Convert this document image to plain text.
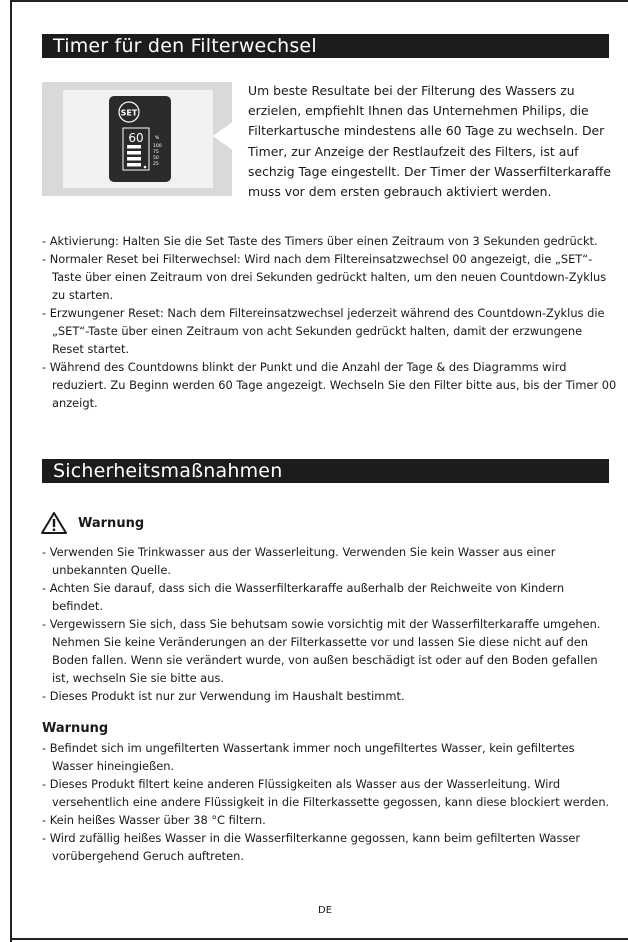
Timer für den Filterwechsel
SET
60	%
100
75
50
25

Um beste Resultate bei der Filterung des Wassers zu erzielen, empfiehlt Ihnen das Unternehmen Philips, die Filterkartusche mindestens alle 60 Tage zu wechseln. Der Timer, zur Anzeige der Restlaufzeit des Filters, ist auf sechzig Tage eingestellt. Der Timer der Wasserfilterkaraffe muss vor dem ersten gebrauch aktiviert werden.

- Aktivierung: Halten Sie die Set Taste des Timers über einen Zeitraum von 3 Sekunden gedrückt.
- Normaler Reset bei Filterwechsel: Wird nach dem Filtereinsatzwechsel 00 angezeigt, die „SET“-Taste über einen Zeitraum von drei Sekunden gedrückt halten, um den neuen Countdown-Zyklus zu starten.
- Erzwungener Reset: Nach dem Filtereinsatzwechsel jederzeit während des Countdown-Zyklus die „SET“-Taste über einen Zeitraum von acht Sekunden gedrückt halten, damit der erzwungene Reset startet.
- Während des Countdowns blinkt der Punkt und die Anzahl der Tage & des Diagramms wird reduziert. Zu Beginn werden 60 Tage angezeigt. Wechseln Sie den Filter bitte aus, bis der Timer 00 anzeigt.
Sicherheitsmaßnahmen
Warnung
- Verwenden Sie Trinkwasser aus der Wasserleitung. Verwenden Sie kein Wasser aus einer unbekannten Quelle.
- Achten Sie darauf, dass sich die Wasserfilterkaraffe außerhalb der Reichweite von Kindern befindet.
- Vergewissern Sie sich, dass Sie behutsam sowie vorsichtig mit der Wasserfilterkaraffe umgehen. Nehmen Sie keine Veränderungen an der Filterkassette vor und lassen Sie diese nicht auf den Boden fallen. Wenn sie verändert wurde, von außen beschädigt ist oder auf den Boden gefallen ist, wechseln Sie sie bitte aus.
- Dieses Produkt ist nur zur Verwendung im Haushalt bestimmt.
Warnung
- Befindet sich im ungefilterten Wassertank immer noch ungefiltertes Wasser, kein gefiltertes Wasser hineingießen.
- Dieses Produkt filtert keine anderen Flüssigkeiten als Wasser aus der Wasserleitung. Wird versehentlich eine andere Flüssigkeit in die Filterkassette gegossen, kann diese blockiert werden.
- Kein heißes Wasser über 38 °C filtern.
- Wird zufällig heißes Wasser in die Wasserfilterkanne gegossen, kann beim gefilterten Wasser vorübergehend Geruch auftreten.
DE
